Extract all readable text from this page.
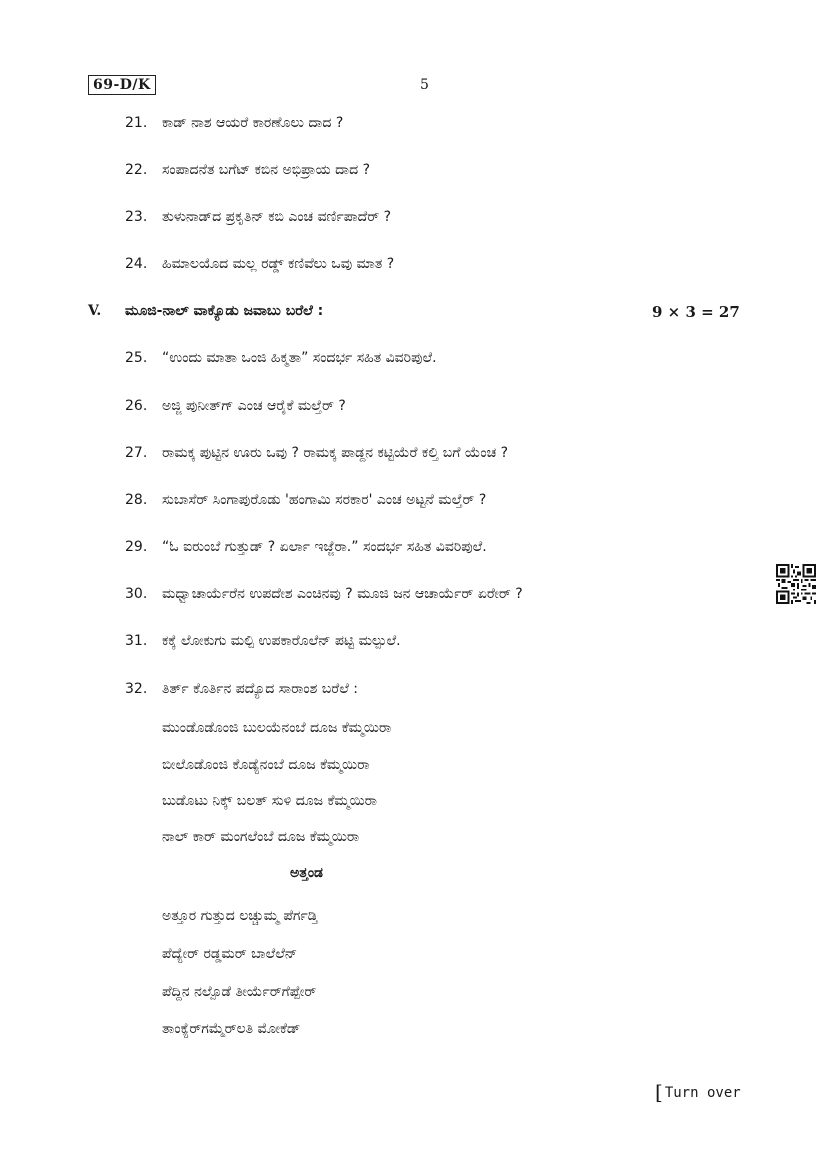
69-D/K	5
21. ಕಾಡ್ ನಾಶ ಆಯರೆ ಕಾರಣೊಲು ದಾದ ?
22. ಸಂಪಾದನೆತ ಬಗೆಟ್ ಕಬಿನ ಅಭಿಪ್ರಾಯ ದಾದ ?
23. ತುಳುನಾಡ್‌ದ ಪ್ರಕೃತಿನ್ ಕಬಿ ಎಂಚ ವರ್ಣಿಪಾದೆರ್ ?
24. ಹಿಮಾಲಯೊದ ಮಲ್ಲ ರಡ್ಡ್ ಕಣಿವೆಲು ಒವು ಮಾತ ?
V. ಮೂಜಿ-ನಾಲ್ ವಾಕ್ಯೊಡು ಜವಾಬು ಬರೆಲೆ :	9 × 3 = 27
25. “ಉಂದು ಮಾತಾ ಒಂಜಿ ಹಿಕ್ಮತಾ” ಸಂದರ್ಭ ಸಹಿತ ವಿವರಿಪುಲೆ.
26. ಅಜ್ಜಿ ಪುನೀತ್‌ಗ್ ಎಂಚ ಆರೈಕೆ ಮಲ್ತೆರ್ ?
27. ರಾಮಕ್ಕ ಪುಟ್ಟಿನ ಊರು ಒವು ? ರಾಮಕ್ಕ ಪಾಡ್ದನ ಕಟ್ಟಿಯೆರೆ ಕಲ್ತಿ ಬಗೆ ಯೆಂಚ ?
28. ಸುಬಾಸೆರ್ ಸಿಂಗಾಪುರೊಡು 'ಹಂಗಾಮಿ ಸರಕಾರ' ಎಂಚ ಅಟ್ಟನೆ ಮಲ್ತೆರ್ ?
29. “ಓ ಐರುಂಬೆ ಗುತ್ತುಡ್ ? ಏರ್ಲಾ ಇಜ್ಜೆರಾ.” ಸಂದರ್ಭ ಸಹಿತ ವಿವರಿಪುಲೆ.
30. ಮಧ್ವಾಚಾರ್ಯೆರೆನ ಉಪದೇಶ ಎಂಚಿನವು ? ಮೂಜಿ ಜನ ಆಚಾರ್ಯೆರ್ ಏರೇರ್ ?
31. ಕಕ್ಕೆ ಲೋಕುಗು ಮಲ್ಪಿ ಉಪಕಾರೊಲೆನ್ ಪಟ್ಟಿ ಮಲ್ಪುಲೆ.
32. ತಿರ್ತ್ ಕೊರ್ತಿನ ಪದ್ಯೊದ ಸಾರಾಂಶ ಬರೆಲೆ :
ಮುಂಡೊಡೊಂಜಿ ಬುಲಯೆನಂಬೆ ದೂಜ ಕೆಮ್ಮಯಿರಾ
ಬೀಲೊಡೊಂಜಿ ಕೊಡ್ಯೆನಂಬೆ ದೂಜ ಕೆಮ್ಮಯಿರಾ
ಬುಡೊಟು ನಿಕ್ಕ್ ಬಲತ್ ಸುಳಿ ದೂಜ ಕೆಮ್ಮಯಿರಾ
ನಾಲ್ ಕಾರ್ ಮಂಗಲೆಂಬೆ ದೂಜ ಕೆಮ್ಮಯಿರಾ
ಅತ್ತಂಡ
ಅತ್ತೂರ ಗುತ್ತುದ ಲಚ್ಚುಮ್ಮ ಪೆರ್ಗಡ್ತಿ
ಪೆದ್ಯೇರ್ ರಡ್ಡಮರ್ ಬಾಲೆಲೆನ್
ಪೆದ್ದಿನ ನಲ್ಪೊಡೆ ತೀರ್ಯೆರ್‌ಗೆಪ್ಪೇರ್
ತಾಂಕ್ಯೆರ್‌ಗಮ್ಮೆರ್‌ಲತಿ ಮೋಕೆಡ್
[ Turn over
